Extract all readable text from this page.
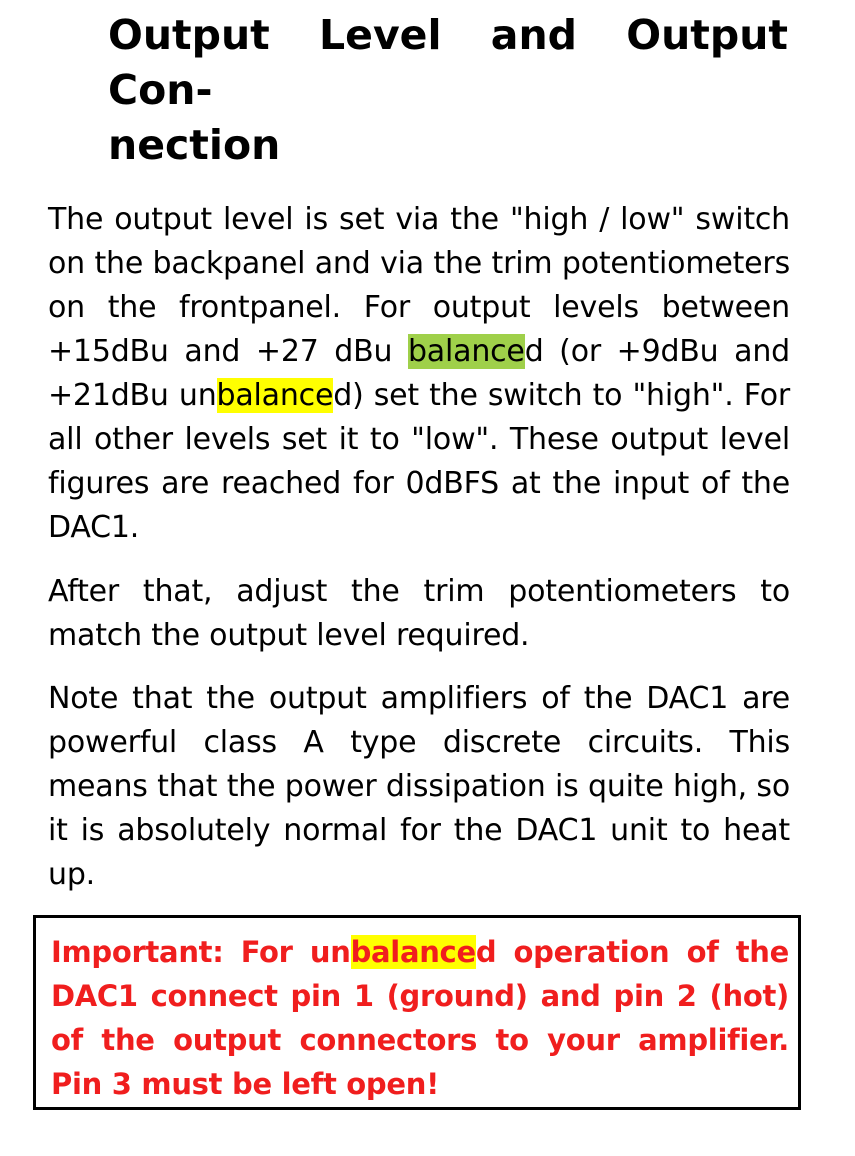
Output Level and Output Con-
nection
The output level is set via the "high / low" switch
on the backpanel and via the trim potentiometers
on the frontpanel. For output levels between
+15dBu and +27 dBu balanced (or +9dBu and
+21dBu unbalanced) set the switch to "high". For
all other levels set it to "low". These output level
figures are reached for 0dBFS at the input of the
DAC1.
After that, adjust the trim potentiometers to
match the output level required.
Note that the output amplifiers of the DAC1 are
powerful class A type discrete circuits. This
means that the power dissipation is quite high, so
it is absolutely normal for the DAC1 unit to heat
up.
Important: For unbalanced operation of the
DAC1 connect pin 1 (ground) and pin 2 (hot)
of the output connectors to your amplifier.
Pin 3 must be left open!
